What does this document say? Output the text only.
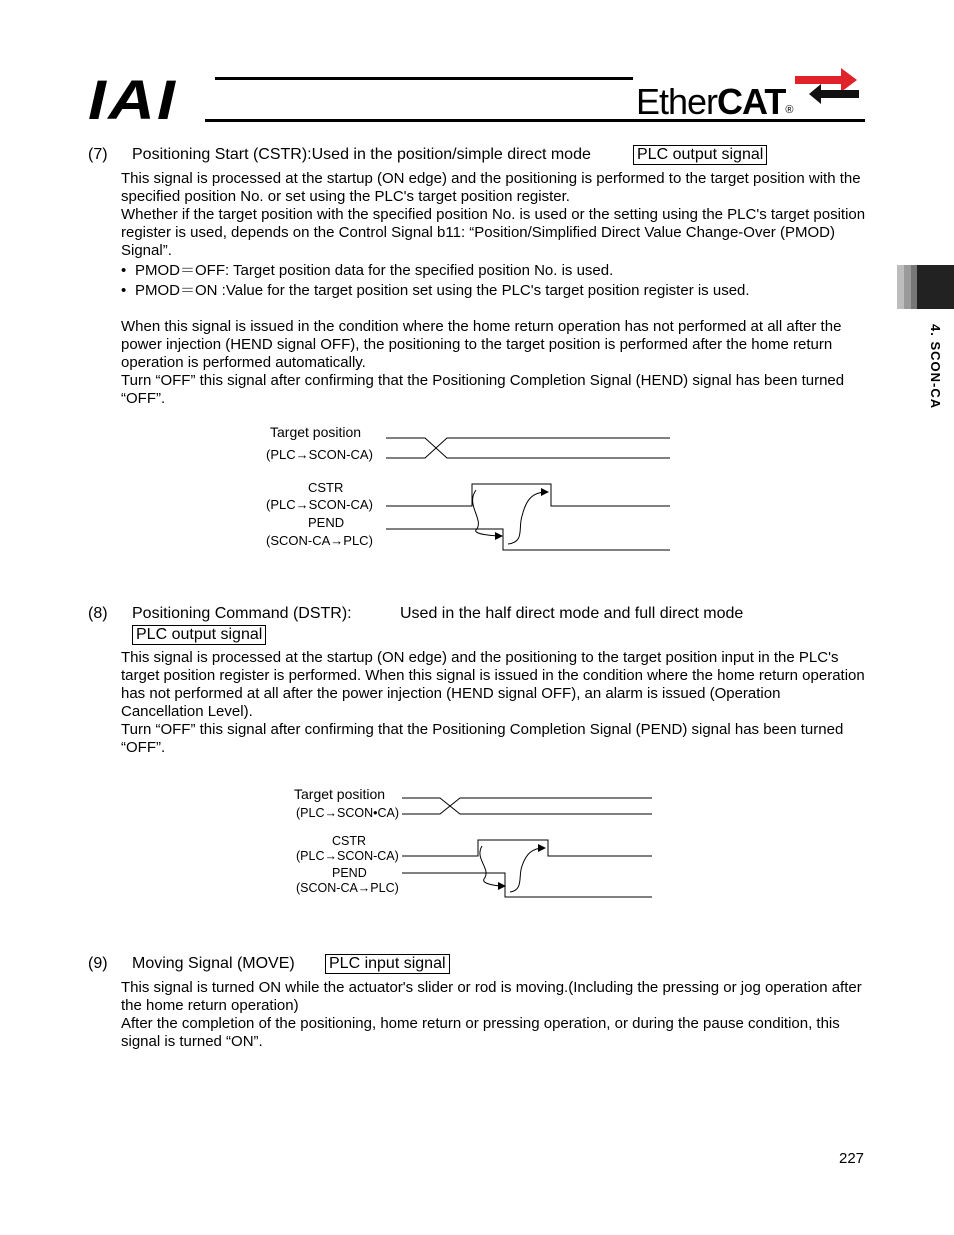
IAI	EtherCAT®
4. SCON-CA
(7) Positioning Start (CSTR):Used in the position/simple direct mode	PLC output signal
This signal is processed at the startup (ON edge) and the positioning is performed to the target position with the specified position No. or set using the PLC's target position register.
Whether if the target position with the specified position No. is used or the setting using the PLC's target position register is used, depends on the Control Signal b11: “Position/Simplified Direct Value Change-Over (PMOD) Signal”.
• PMOD＝OFF: Target position data for the specified position No. is used.
• PMOD＝ON :Value for the target position set using the PLC's target position register is used.
When this signal is issued in the condition where the home return operation has not performed at all after the power injection (HEND signal OFF), the positioning to the target position is performed after the home return operation is performed automatically.
Turn “OFF” this signal after confirming that the Positioning Completion Signal (HEND) signal has been turned “OFF”.
Target position
(PLC→SCON-CA)
CSTR
(PLC→SCON-CA)
PEND
(SCON-CA→PLC)
(8) Positioning Command (DSTR):	Used in the half direct mode and full direct mode
PLC output signal
This signal is processed at the startup (ON edge) and the positioning to the target position input in the PLC's target position register is performed. When this signal is issued in the condition where the home return operation has not performed at all after the power injection (HEND signal OFF), an alarm is issued (Operation Cancellation Level).
Turn “OFF” this signal after confirming that the Positioning Completion Signal (PEND) signal has been turned “OFF”.
Target position
(PLC→SCON•CA)
CSTR
(PLC→SCON-CA)
PEND
(SCON-CA→PLC)
(9) Moving Signal (MOVE) PLC input signal
This signal is turned ON while the actuator's slider or rod is moving.(Including the pressing or jog operation after the home return operation)
After the completion of the positioning, home return or pressing operation, or during the pause condition, this signal is turned “ON”.
227
